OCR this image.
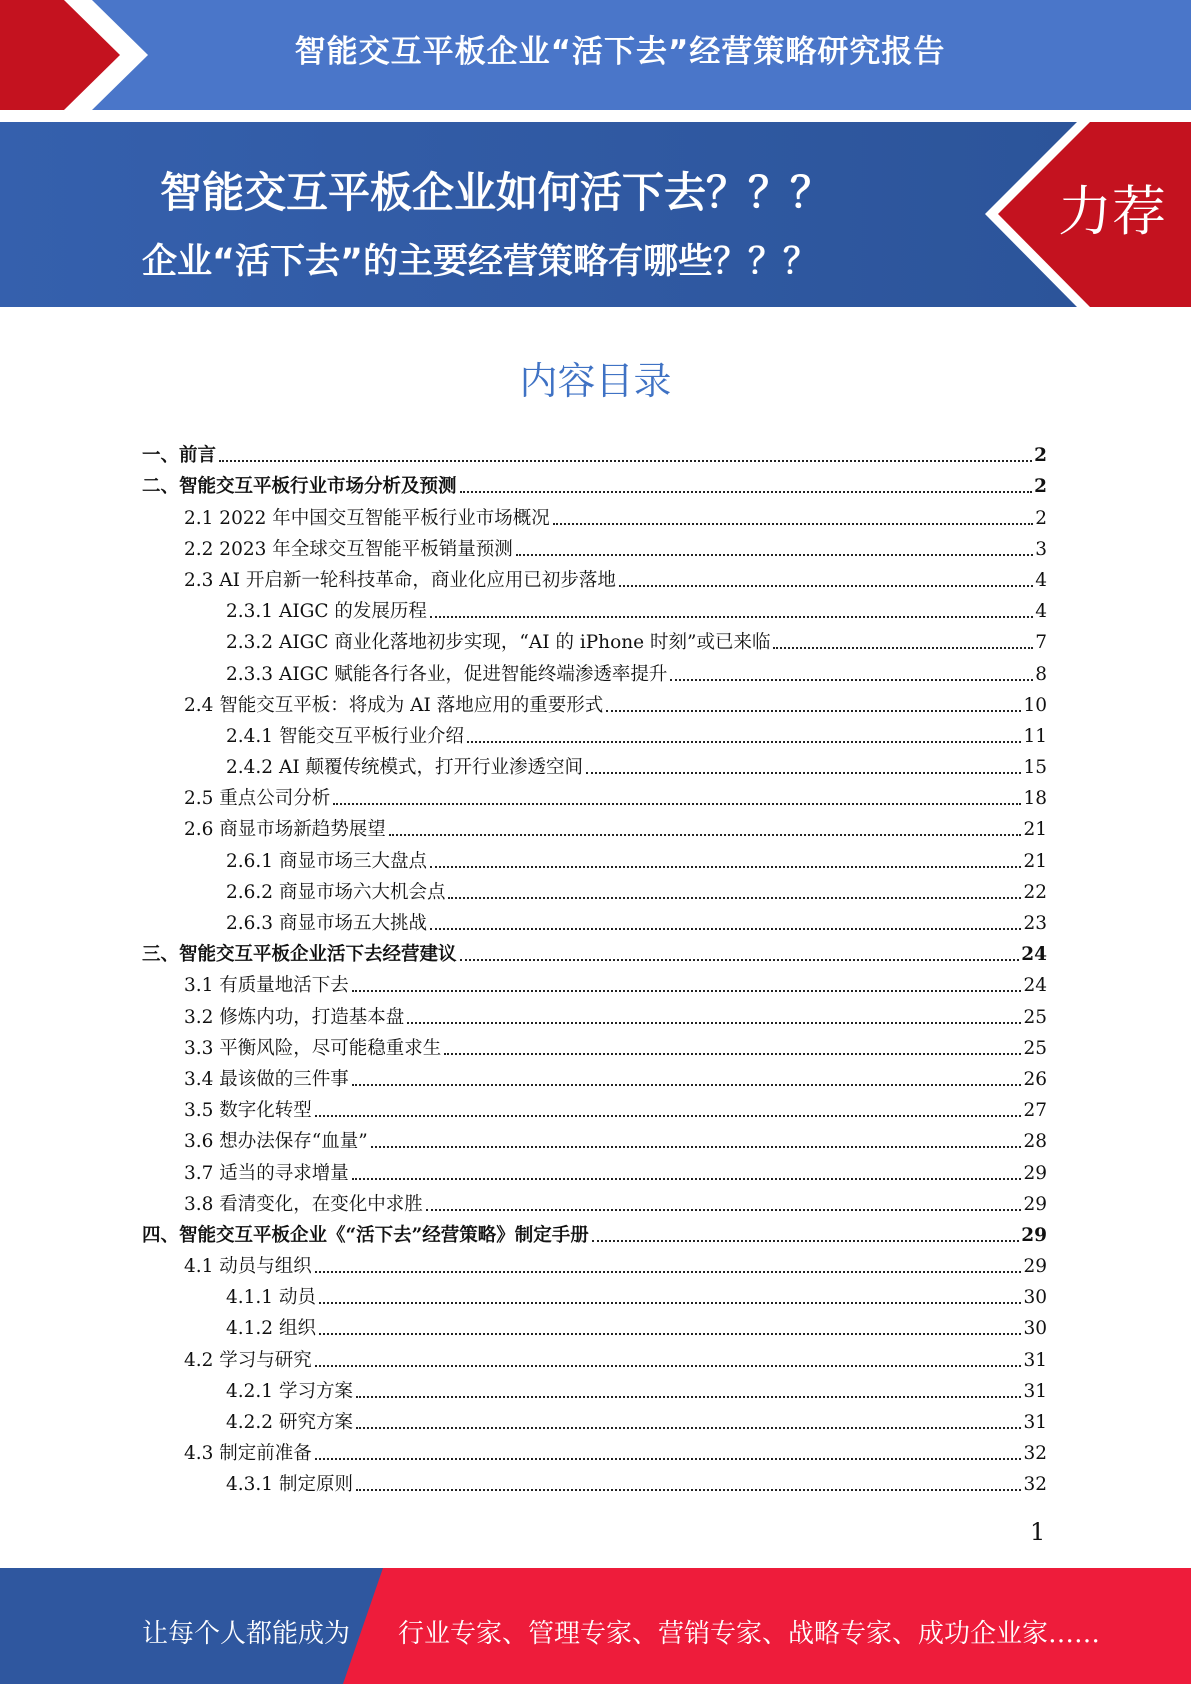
智能交互平板企业“活下去”经营策略研究报告
智能交互平板企业如何活下去？？？
企业“活下去”的主要经营策略有哪些？？？
力荐
内容目录
一、前言	2
二、智能交互平板行业市场分析及预测	2
2.1 2022 年中国交互智能平板行业市场概况	2
2.2 2023 年全球交互智能平板销量预测	3
2.3 AI 开启新一轮科技革命，商业化应用已初步落地	4
2.3.1 AIGC 的发展历程	4
2.3.2 AIGC 商业化落地初步实现，“AI 的 iPhone 时刻”或已来临	7
2.3.3 AIGC 赋能各行各业，促进智能终端渗透率提升	8
2.4 智能交互平板：将成为 AI 落地应用的重要形式	10
2.4.1 智能交互平板行业介绍	11
2.4.2 AI 颠覆传统模式，打开行业渗透空间	15
2.5 重点公司分析	18
2.6 商显市场新趋势展望	21
2.6.1 商显市场三大盘点	21
2.6.2 商显市场六大机会点	22
2.6.3 商显市场五大挑战	23
三、智能交互平板企业活下去经营建议	24
3.1 有质量地活下去	24
3.2 修炼内功，打造基本盘	25
3.3 平衡风险，尽可能稳重求生	25
3.4 最该做的三件事	26
3.5 数字化转型	27
3.6 想办法保存“血量”	28
3.7 适当的寻求增量	29
3.8 看清变化，在变化中求胜	29
四、智能交互平板企业《“活下去”经营策略》制定手册	29
4.1 动员与组织	29
4.1.1 动员	30
4.1.2 组织	30
4.2 学习与研究	31
4.2.1 学习方案	31
4.2.2 研究方案	31
4.3 制定前准备	32
4.3.1 制定原则	32
1
让每个人都能成为 行业专家、管理专家、营销专家、战略专家、成功企业家……
